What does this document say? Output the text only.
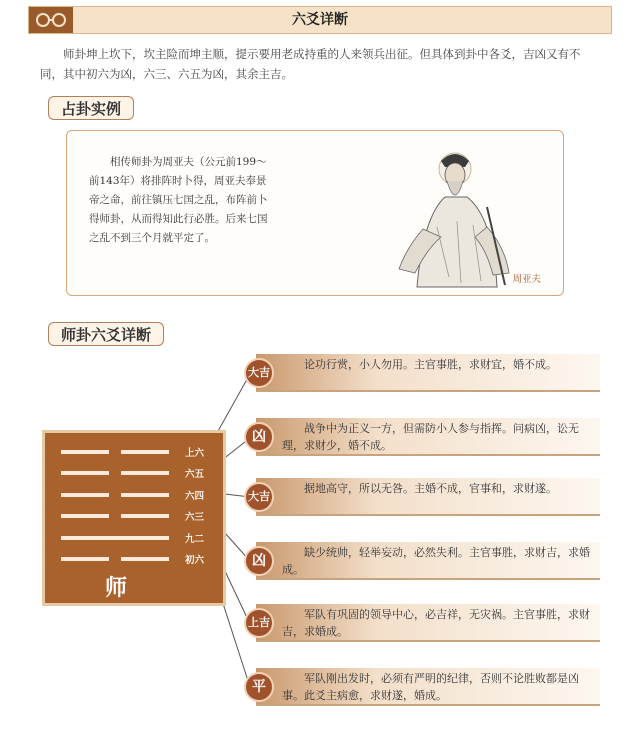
六爻详断
师卦坤上坎下，坎主险而坤主顺，提示要用老成持重的人来领兵出征。但具体到卦中各爻，吉凶又有不同，其中初六为凶，六三、六五为凶，其余主吉。
占卦实例
相传师卦为周亚夫（公元前199～前143年）将排阵时卜得，周亚夫奉景帝之命，前往镇压七国之乱，布阵前卜得师卦，从而得知此行必胜。后来七国之乱不到三个月就平定了。
周亚夫
师卦六爻详断
上六
六五
六四
六三
九二
初六
师
论功行赏，小人勿用。主官事胜，求财宜，婚不成。
战争中为正义一方，但需防小人参与指挥。问病凶，讼无理，求财少，婚不成。
据地高守，所以无咎。主婚不成，官事和，求财遂。
缺少统帅，轻举妄动，必然失利。主官事胜，求财吉，求婚成。
军队有巩固的领导中心，必吉祥，无灾祸。主官事胜，求财吉，求婚成。
军队刚出发时，必须有严明的纪律，否则不论胜败都是凶事。此爻主病愈，求财遂，婚成。
大吉
凶
大吉
凶
上吉
平
